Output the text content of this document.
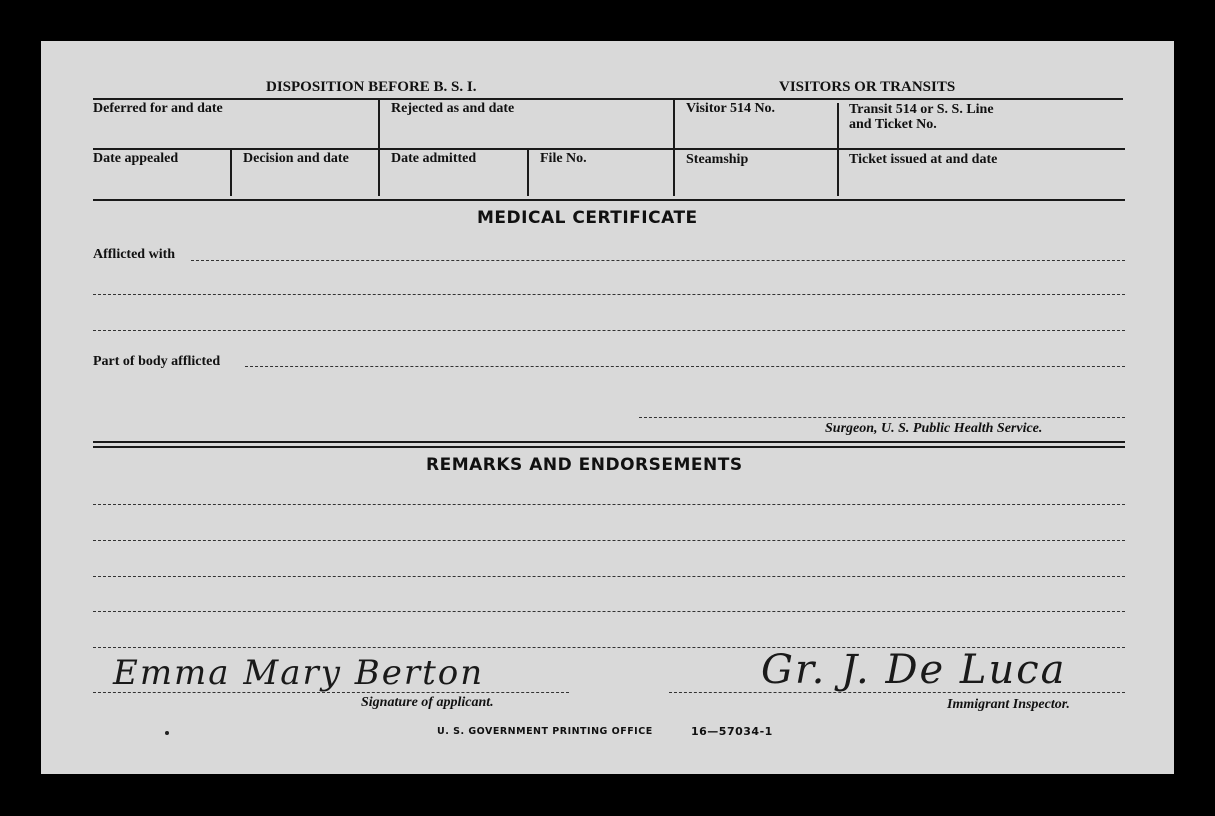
DISPOSITION BEFORE B. S. I.	VISITORS OR TRANSITS
Deferred for and date	Rejected as and date	Visitor 514 No.	Transit 514 or S. S. Line
and Ticket No.
Date appealed	Decision and date	Date admitted	File No.	Steamship	Ticket issued at and date
MEDICAL CERTIFICATE
Afflicted with
Part of body afflicted
Surgeon, U. S. Public Health Service.
REMARKS AND ENDORSEMENTS
Emma Mary Berton	Gr. J. De Luca
Signature of applicant.	Immigrant Inspector.
U. S. GOVERNMENT PRINTING OFFICE	16—57034-1
